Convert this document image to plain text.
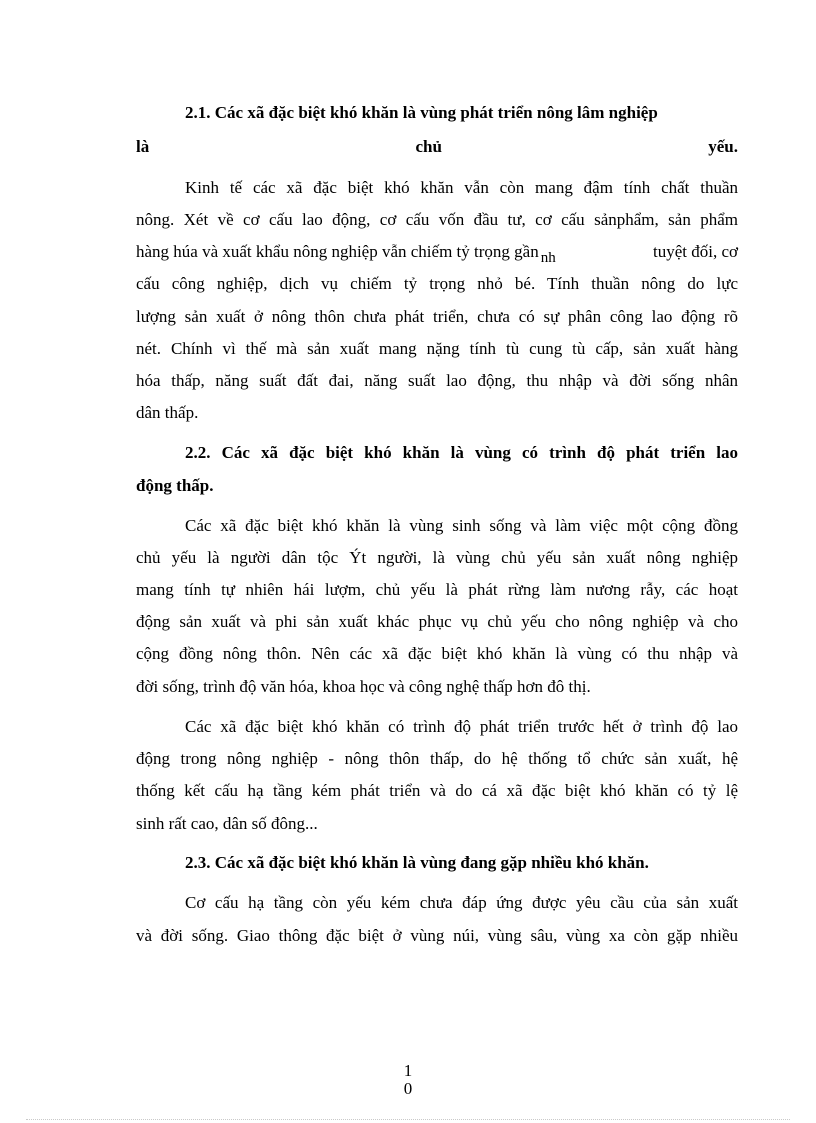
2.1. Các xã đặc biệt khó khăn là vùng phát triển nông lâm nghiệp
là	chủ	yếu.
Kinh tế các xã đặc biệt khó khăn vẫn còn mang đậm tính chất thuần
nông. Xét về cơ cấu lao động, cơ cấu vốn đầu tư, cơ cấu sảnphẩm, sản phẩm
hàng húa và xuất khẩu nông nghiệp vẫn chiếm tỷ trọng gần nh	tuyệt đối, cơ
cấu công nghiệp, dịch vụ chiếm tỷ trọng nhỏ bé. Tính thuần nông do lực
lượng sản xuất ở nông thôn chưa phát triển, chưa có sự phân công lao động rõ
nét. Chính vì thế mà sản xuất mang nặng tính tù cung tù cấp, sản xuất hàng
hóa thấp, năng suất đất đai, năng suất lao động, thu nhập và đời sống nhân
dân thấp.
2.2. Các xã đặc biệt khó khăn là vùng có trình độ phát triển lao
động thấp.
Các xã đặc biệt khó khăn là vùng sinh sống và làm việc một cộng đồng
chủ yếu là người dân tộc Ýt người, là vùng chủ yếu sản xuất nông nghiệp
mang tính tự nhiên hái lượm, chủ yếu là phát rừng làm nương rẫy, các hoạt
động sản xuất và phi sản xuất khác phục vụ chủ yếu cho nông nghiệp và cho
cộng đồng nông thôn. Nên các xã đặc biệt khó khăn là vùng có thu nhập và
đời sống, trình độ văn hóa, khoa học và công nghệ thấp hơn đô thị.
Các xã đặc biệt khó khăn có trình độ phát triển trước hết ở trình độ lao
động trong nông nghiệp - nông thôn thấp, do hệ thống tổ chức sản xuất, hệ
thống kết cấu hạ tầng kém phát triển và do cá xã đặc biệt khó khăn có tỷ lệ
sinh rất cao, dân số đông...
2.3. Các xã đặc biệt khó khăn là vùng đang gặp nhiều khó khăn.
Cơ cấu hạ tầng còn yếu kém chưa đáp ứng được yêu cầu của sản xuất
và đời sống. Giao thông đặc biệt ở vùng núi, vùng sâu, vùng xa còn gặp nhiều
1
0
